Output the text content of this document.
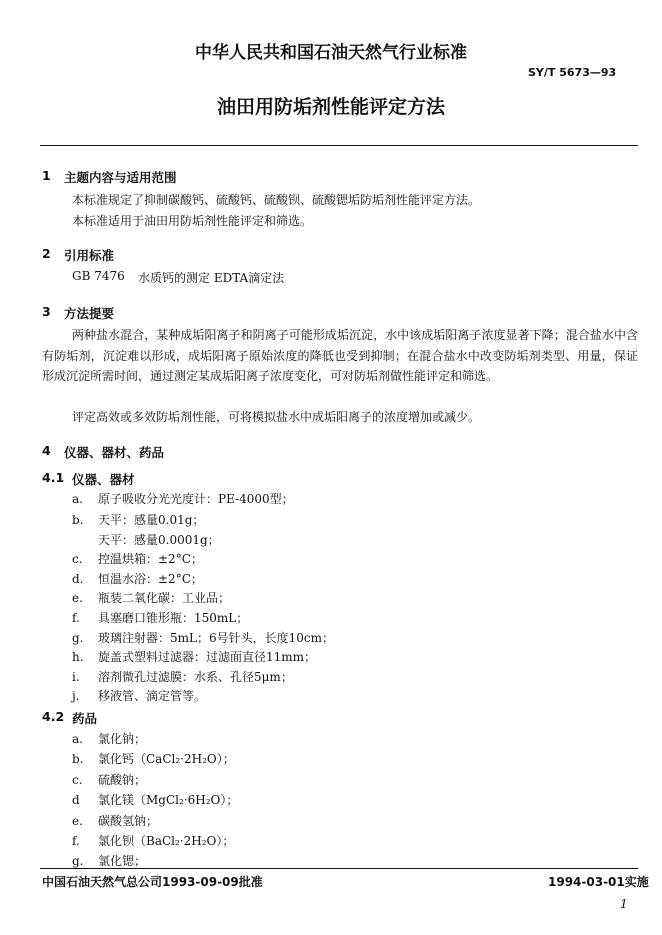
中华人民共和国石油天然气行业标准
SY/T 5673—93
油田用防垢剂性能评定方法
1 主题内容与适用范围
本标准规定了抑制碳酸钙、硫酸钙、硫酸钡、硫酸锶垢防垢剂性能评定方法。
本标准适用于油田用防垢剂性能评定和筛选。
2 引用标准
GB 7476 水质钙的测定 EDTA滴定法
3 方法提要
两种盐水混合，某种成垢阳离子和阴离子可能形成垢沉淀，水中该成垢阳离子浓度显著下降；混合盐水中含有防垢剂，沉淀难以形成，成垢阳离子原始浓度的降低也受到抑制；在混合盐水中改变防垢剂类型、用量，保证形成沉淀所需时间，通过测定某成垢阳离子浓度变化，可对防垢剂做性能评定和筛选。
评定高效或多效防垢剂性能，可将模拟盐水中成垢阳离子的浓度增加或减少。
4 仪器、器材、药品
4.1 仪器、器材
a. 原子吸收分光光度计：PE-4000型；
b. 天平：感量0.01g；
天平：感量0.0001g；
c. 控温烘箱：±2°C；
d. 恒温水浴：±2°C；
e. 瓶装二氧化碳：工业品；
f. 具塞磨口锥形瓶：150mL；
g. 玻璃注射器：5mL；6号针头，长度10cm；
h. 旋盖式塑料过滤器：过滤面直径11mm；
i. 溶剂微孔过滤膜：水系、孔径5μm；
j. 移液管、滴定管等。
4.2 药品
a. 氯化钠；
b. 氯化钙（CaCl₂·2H₂O）；
c. 硫酸钠；
d 氯化镁（MgCl₂·6H₂O）；
e. 碳酸氢钠；
f. 氯化钡（BaCl₂·2H₂O）；
g. 氯化锶；
中国石油天然气总公司1993-09-09批准	1994-03-01实施
1
